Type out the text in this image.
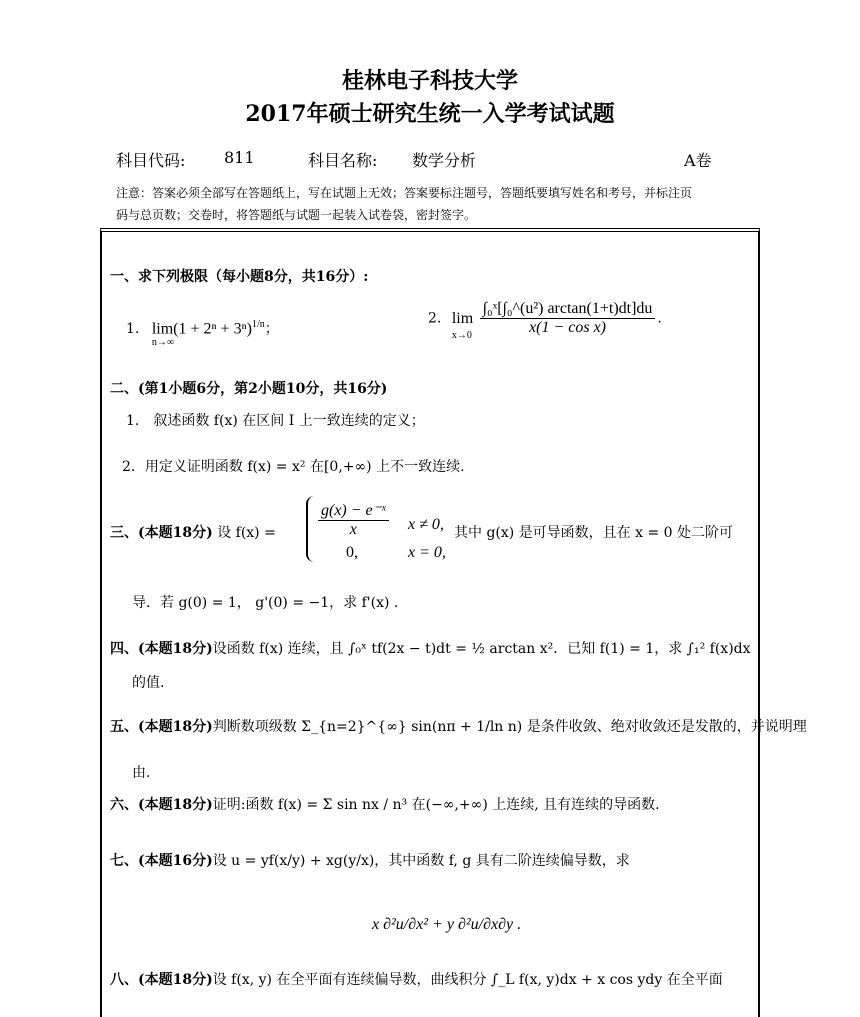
桂林电子科技大学
2017年硕士研究生统一入学考试试题
科目代码: 811	科目名称: 数学分析	A卷
注意：答案必须全部写在答题纸上，写在试题上无效；答案要标注题号，答题纸要填写姓名和考号，并标注页
码与总页数；交卷时，将答题纸与试题一起装入试卷袋，密封签字。
一、求下列极限（每小题8分，共16分）:
1. $\lim(1 + 2^n + 3^n)^{1/n}$
n→∞
；
2. lim
x→0
$\frac{\text{∫₀ˣ[∫₀\textasciicircum{}(u²) arctan(1+t)dt]du}}{\text{x(1 − cos x)}}$ .
二、(第1小题6分，第2小题10分，共16分)
1． 叙述函数 f(x) 在区间 I 上一致连续的定义；
2．用定义证明函数 f(x) = x² 在[0,+∞) 上不一致连续.
三、(本题18分) 设 f(x) =	$\frac{\text{g(x) − e⁻ˣ}}{x}$ x ≠ 0,
0,	x = 0,
其中 g(x) 是可导函数，且在 x = 0 处二阶可
导．若 g(0) = 1， g'(0) = −1，求 f'(x) .
四、(本题18分)设函数 f(x) 连续，且 ∫₀ˣ tf(2x − t)dt = ½ arctan x²．已知 f(1) = 1，求 ∫₁² f(x)dx
的值.
五、(本题18分)判断数项级数 Σ_{n=2}^{∞} sin(nπ + 1/ln n) 是条件收敛、绝对收敛还是发散的，并说明理
由.
六、(本题18分)证明:函数 f(x) = Σ sin nx / n³ 在(−∞,+∞) 上连续, 且有连续的导函数.
七、(本题16分)设 u = yf(x/y) + xg(y/x)，其中函数 f, g 具有二阶连续偏导数，求
x ∂²u/∂x² + y ∂²u/∂x∂y .
八、(本题18分)设 f(x, y) 在全平面有连续偏导数，曲线积分 ∫_L f(x, y)dx + x cos ydy 在全平面
